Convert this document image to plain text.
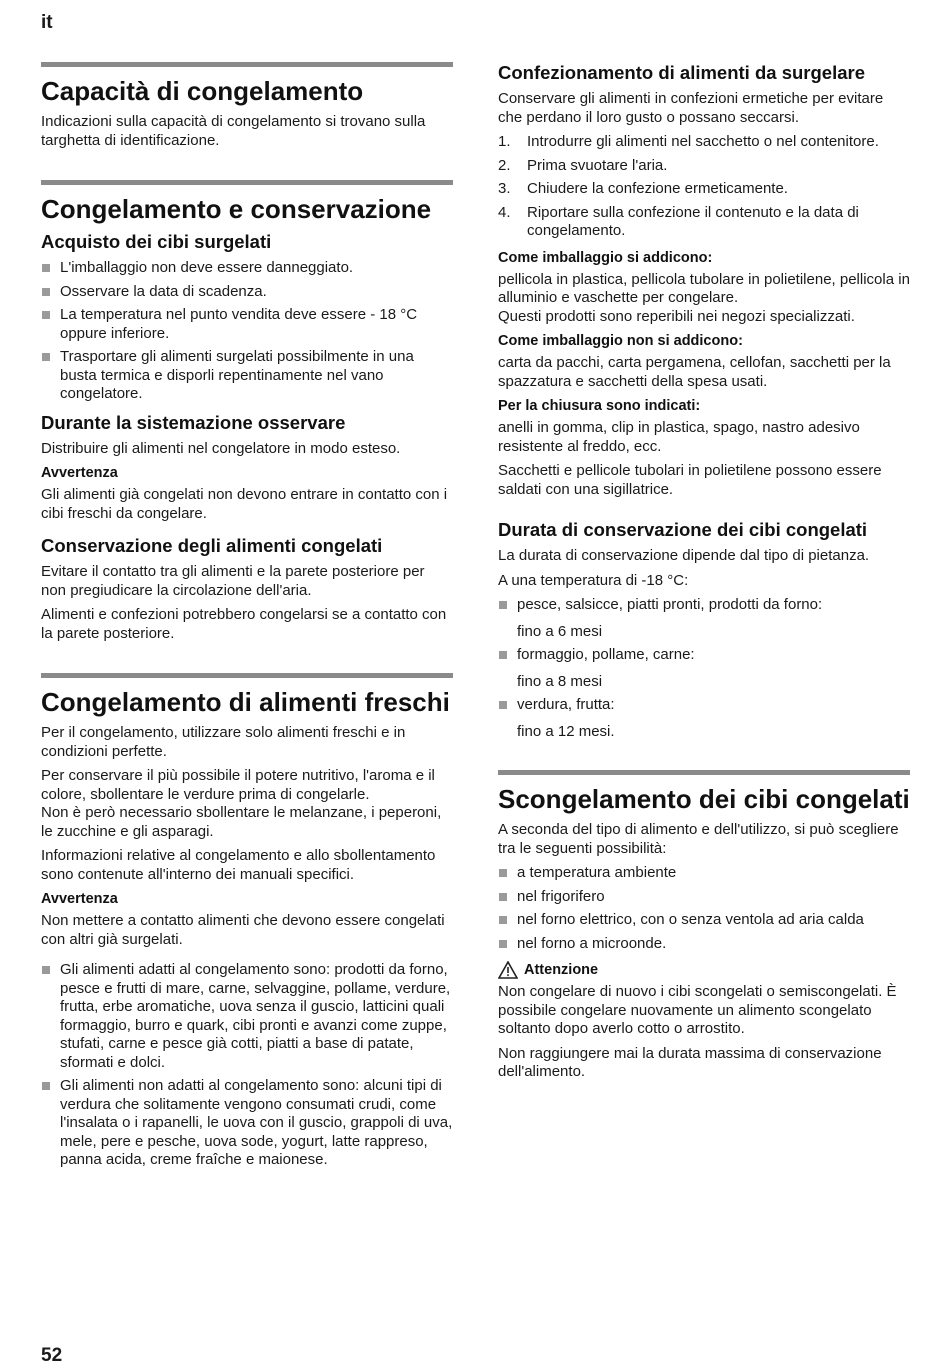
it
Capacità di congelamento

Indicazioni sulla capacità di congelamento si trovano sulla targhetta di identificazione.

Congelamento e conservazione
Acquisto dei cibi surgelati
L'imballaggio non deve essere danneggiato.
Osservare la data di scadenza.
La temperatura nel punto vendita deve essere - 18 °C oppure inferiore.
Trasportare gli alimenti surgelati possibilmente in una busta termica e disporli repentinamente nel vano congelatore.
Durante la sistemazione osservare

Distribuire gli alimenti nel congelatore in modo esteso.

Avvertenza

Gli alimenti già congelati non devono entrare in contatto con i cibi freschi da congelare.

Conservazione degli alimenti congelati

Evitare il contatto tra gli alimenti e la parete posteriore per non pregiudicare la circolazione dell'aria.

Alimenti e confezioni potrebbero congelarsi se a contatto con la parete posteriore.

Congelamento di alimenti freschi

Per il congelamento, utilizzare solo alimenti freschi e in condizioni perfette.

Per conservare il più possibile il potere nutritivo, l'aroma e il colore, sbollentare le verdure prima di congelarle.
Non è però necessario sbollentare le melanzane, i peperoni, le zucchine e gli asparagi.

Informazioni relative al congelamento e allo sbollentamento sono contenute all'interno dei manuali specifici.

Avvertenza

Non mettere a contatto alimenti che devono essere congelati con altri già surgelati.

Gli alimenti adatti al congelamento sono: prodotti da forno, pesce e frutti di mare, carne, selvaggine, pollame, verdure, frutta, erbe aromatiche, uova senza il guscio, latticini quali formaggio, burro e quark, cibi pronti e avanzi come zuppe, stufati, carne e pesce già cotti, piatti a base di patate, sformati e dolci.
Gli alimenti non adatti al congelamento sono: alcuni tipi di verdura che solitamente vengono consumati crudi, come l'insalata o i rapanelli, le uova con il guscio, grappoli di uva, mele, pere e pesche, uova sode, yogurt, latte rappreso, panna acida, creme fraîche e maionese.
Confezionamento di alimenti da surgelare

Conservare gli alimenti in confezioni ermetiche per evitare che perdano il loro gusto o possano seccarsi.

1. Introdurre gli alimenti nel sacchetto o nel contenitore.
2. Prima svuotare l'aria.
3. Chiudere la confezione ermeticamente.
4. Riportare sulla confezione il contenuto e la data di congelamento.
Come imballaggio si addicono:

pellicola in plastica, pellicola tubolare in polietilene, pellicola in alluminio e vaschette per congelare.
Questi prodotti sono reperibili nei negozi specializzati.

Come imballaggio non si addicono:

carta da pacchi, carta pergamena, cellofan, sacchetti per la spazzatura e sacchetti della spesa usati.

Per la chiusura sono indicati:

anelli in gomma, clip in plastica, spago, nastro adesivo resistente al freddo, ecc.

Sacchetti e pellicole tubolari in polietilene possono essere saldati con una sigillatrice.

Durata di conservazione dei cibi congelati

La durata di conservazione dipende dal tipo di pietanza.

A una temperatura di -18 °C:

pesce, salsicce, piatti pronti, prodotti da forno:
fino a 6 mesi
formaggio, pollame, carne:
fino a 8 mesi
verdura, frutta:
fino a 12 mesi.
Scongelamento dei cibi congelati

A seconda del tipo di alimento e dell'utilizzo, si può scegliere tra le seguenti possibilità:

a temperatura ambiente
nel frigorifero
nel forno elettrico, con o senza ventola ad aria calda
nel forno a microonde.
Attenzione

Non congelare di nuovo i cibi scongelati o semiscongelati. È possibile congelare nuovamente un alimento scongelato soltanto dopo averlo cotto o arrostito.

Non raggiungere mai la durata massima di conservazione dell'alimento.

52
